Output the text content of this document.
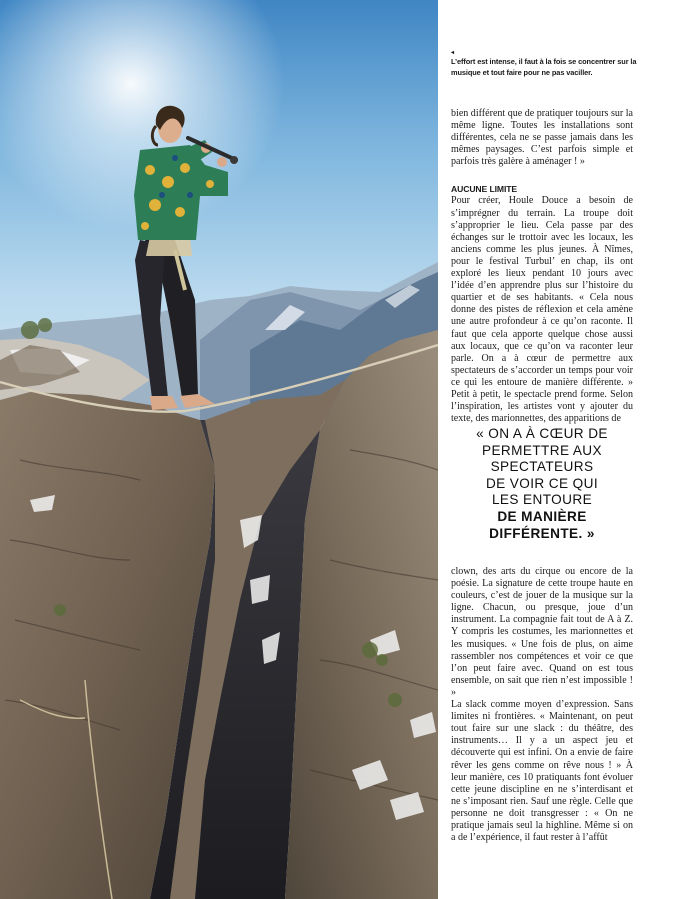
◂
L’effort est intense, il faut à la fois se concentrer sur la musique et tout faire pour ne pas vaciller.

bien différent que de pratiquer toujours sur la même ligne. Toutes les installations sont différentes, cela ne se passe jamais dans les mêmes paysages. C’est parfois simple et parfois très galère à aménager ! »

AUCUNE LIMITE

Pour créer, Houle Douce a besoin de s’imprégner du terrain. La troupe doit s’approprier le lieu. Cela passe par des échanges sur le trottoir avec les locaux, les anciens comme les plus jeunes. À Nîmes, pour le festival Turbul’ en chap, ils ont exploré les lieux pendant 10 jours avec l’idée d’en apprendre plus sur l’histoire du quartier et de ses habitants. « Cela nous donne des pistes de réflexion et cela amène une autre profondeur à ce qu’on raconte. Il faut que cela apporte quelque chose aussi aux locaux, que ce qu’on va raconter leur parle. On a à cœur de permettre aux spectateurs de s’accorder un temps pour voir ce qui les entoure de manière différente. » Petit à petit, le spectacle prend forme. Selon l’inspiration, les artistes vont y ajouter du texte, des marionnettes, des apparitions de

« ON A À CŒUR DE
PERMETTRE AUX
SPECTATEURS
DE VOIR CE QUI
LES ENTOURE
DE MANIÈRE
DIFFÉRENTE. »

clown, des arts du cirque ou encore de la poésie. La signature de cette troupe haute en couleurs, c’est de jouer de la musique sur la ligne. Chacun, ou presque, joue d’un instrument. La compagnie fait tout de A à Z. Y compris les costumes, les marionnettes et les musiques. « Une fois de plus, on aime rassembler nos compétences et voir ce que l’on peut faire avec. Quand on est tous ensemble, on sait que rien n’est impossible ! »

La slack comme moyen d’expression. Sans limites ni frontières. « Maintenant, on peut tout faire sur une slack : du théâtre, des instruments… Il y a un aspect jeu et découverte qui est infini. On a envie de faire rêver les gens comme on rêve nous ! » À leur manière, ces 10 pratiquants font évoluer cette jeune discipline en ne s’interdisant et ne s’imposant rien. Sauf une règle. Celle que personne ne doit transgresser : « On ne pratique jamais seul la highline. Même si on a de l’expérience, il faut rester à l’affût
